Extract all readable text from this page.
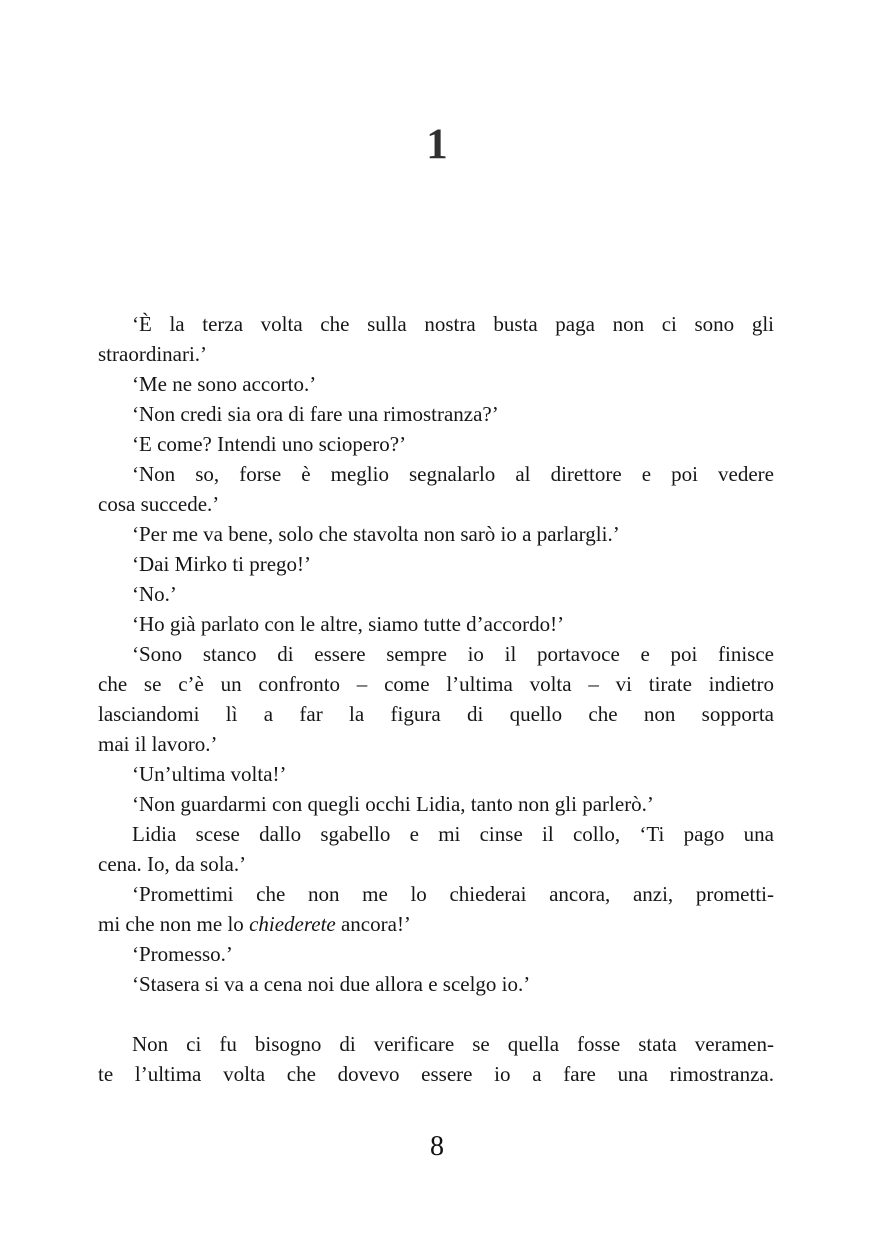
1
‘È la terza volta che sulla nostra busta paga non ci sono gli
straordinari.’
‘Me ne sono accorto.’
‘Non credi sia ora di fare una rimostranza?’
‘E come? Intendi uno sciopero?’
‘Non so, forse è meglio segnalarlo al direttore e poi vedere
cosa succede.’
‘Per me va bene, solo che stavolta non sarò io a parlargli.’
‘Dai Mirko ti prego!’
‘No.’
‘Ho già parlato con le altre, siamo tutte d’accordo!’
‘Sono stanco di essere sempre io il portavoce e poi finisce
che se c’è un confronto – come l’ultima volta – vi tirate indietro
lasciandomi lì a far la figura di quello che non sopporta
mai il lavoro.’
‘Un’ultima volta!’
‘Non guardarmi con quegli occhi Lidia, tanto non gli parlerò.’
Lidia scese dallo sgabello e mi cinse il collo, ‘Ti pago una
cena. Io, da sola.’
‘Promettimi che non me lo chiederai ancora, anzi, prometti-
mi che non me lo chiederete ancora!’
‘Promesso.’
‘Stasera si va a cena noi due allora e scelgo io.’
Non ci fu bisogno di verificare se quella fosse stata veramen-
te l’ultima volta che dovevo essere io a fare una rimostranza.
8
